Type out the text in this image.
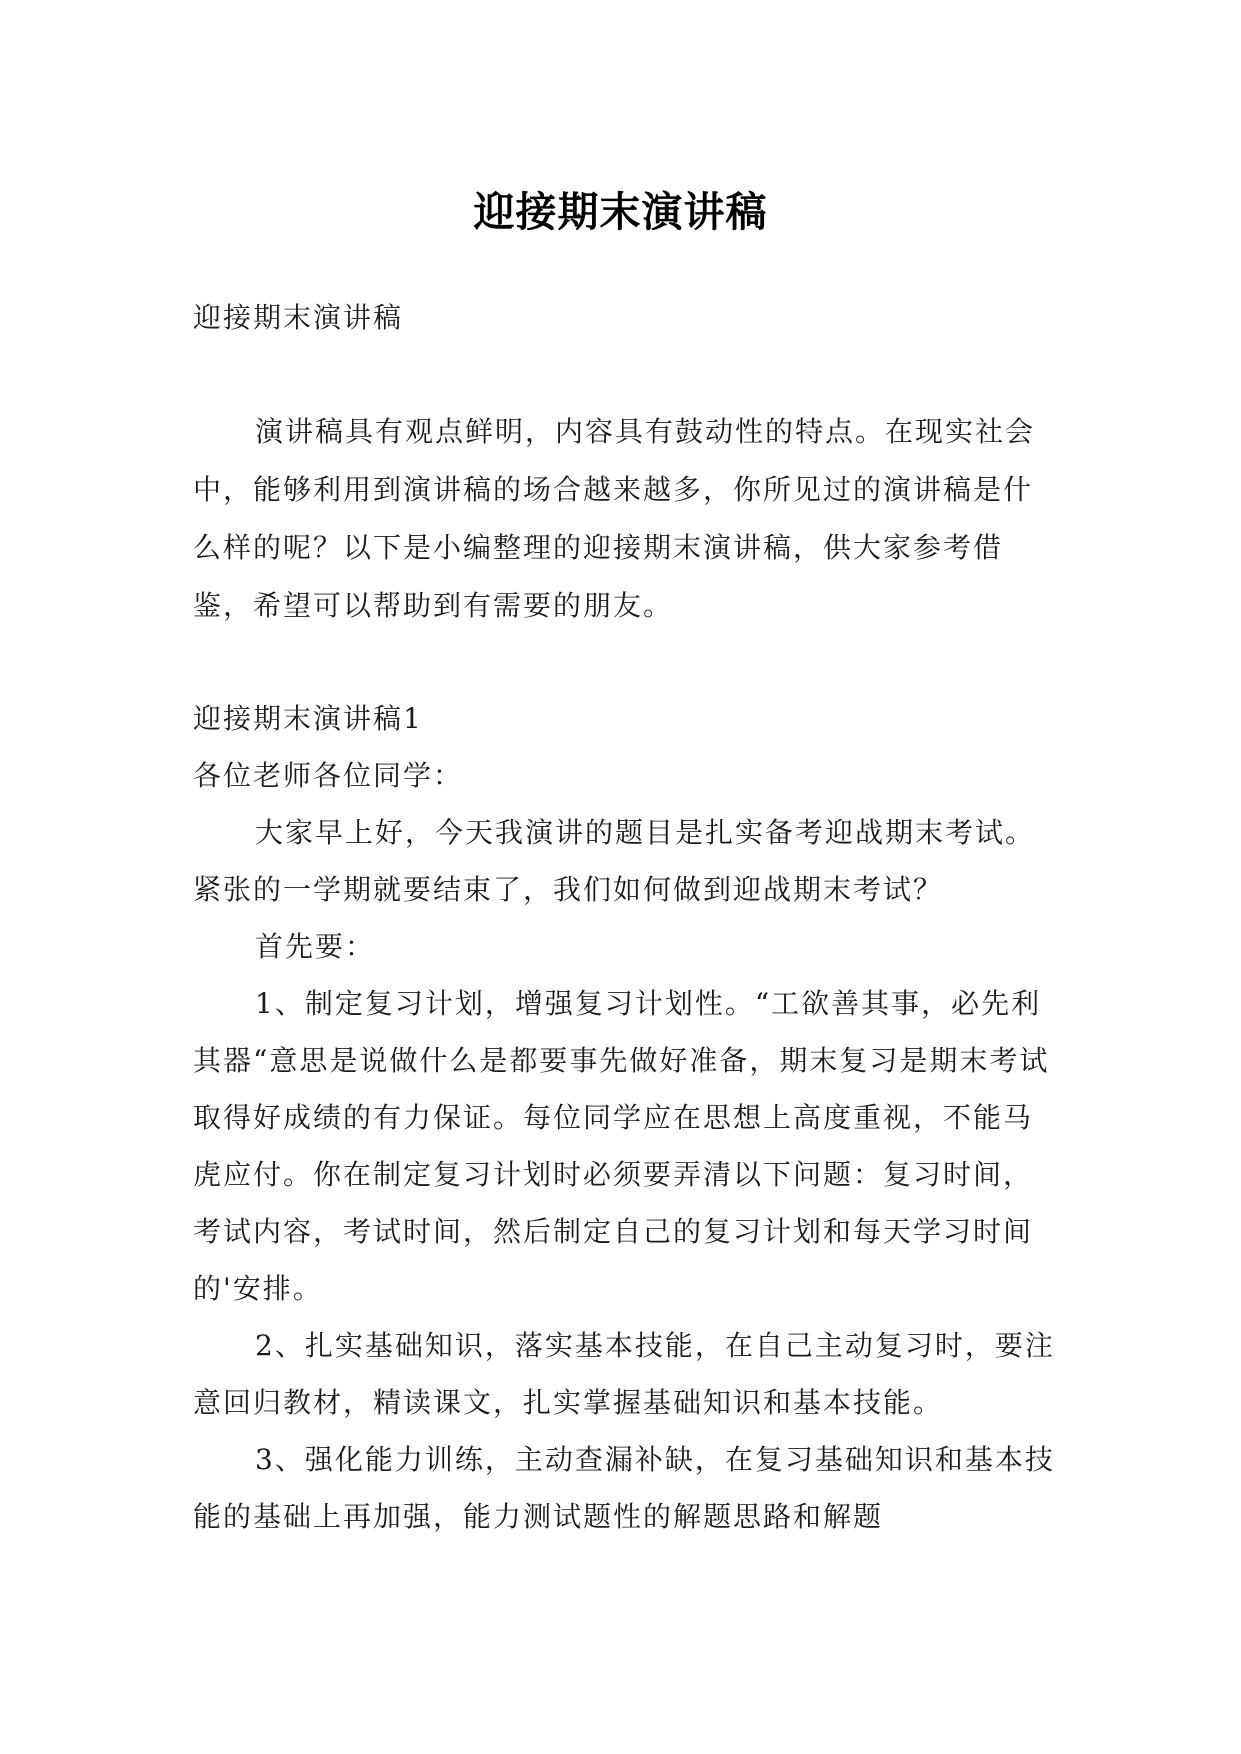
迎接期末演讲稿

迎接期末演讲稿

演讲稿具有观点鲜明，内容具有鼓动性的特点。在现实社会中，能够利用到演讲稿的场合越来越多，你所见过的演讲稿是什么样的呢？以下是小编整理的迎接期末演讲稿，供大家参考借鉴，希望可以帮助到有需要的朋友。

迎接期末演讲稿1

各位老师各位同学：

大家早上好，今天我演讲的题目是扎实备考迎战期末考试。紧张的一学期就要结束了，我们如何做到迎战期末考试？

首先要：

1、制定复习计划，增强复习计划性。“工欲善其事，必先利其器“意思是说做什么是都要事先做好准备，期末复习是期末考试取得好成绩的有力保证。每位同学应在思想上高度重视，不能马虎应付。你在制定复习计划时必须要弄清以下问题：复习时间，考试内容，考试时间，然后制定自己的复习计划和每天学习时间的'安排。

2、扎实基础知识，落实基本技能，在自己主动复习时，要注意回归教材，精读课文，扎实掌握基础知识和基本技能。

3、强化能力训练，主动查漏补缺，在复习基础知识和基本技能的基础上再加强，能力测试题性的解题思路和解题
